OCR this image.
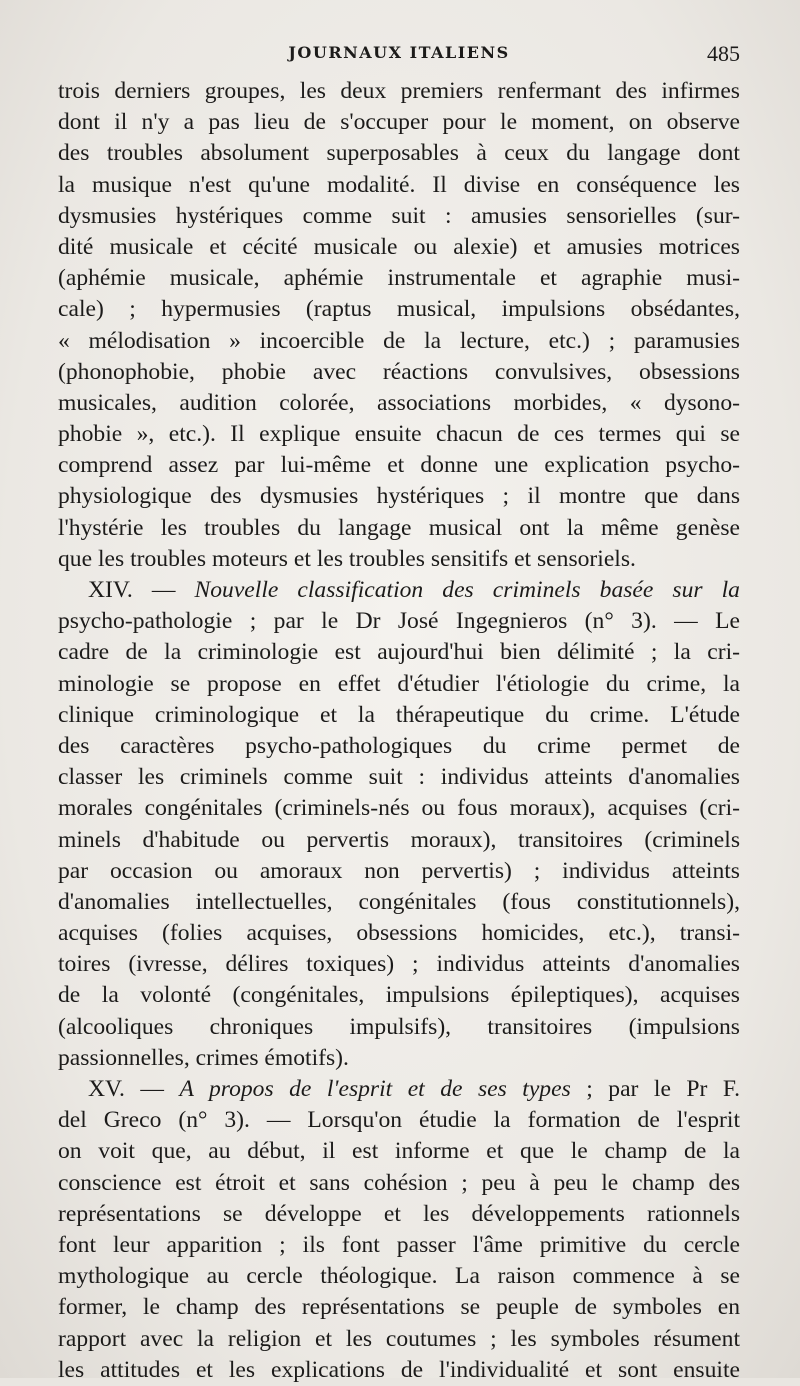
JOURNAUX ITALIENS	485
trois derniers groupes, les deux premiers renfermant des infirmes
dont il n'y a pas lieu de s'occuper pour le moment, on observe
des troubles absolument superposables à ceux du langage dont
la musique n'est qu'une modalité. Il divise en conséquence les
dysmusies hystériques comme suit : amusies sensorielles (sur-
dité musicale et cécité musicale ou alexie) et amusies motrices
(aphémie musicale, aphémie instrumentale et agraphie musi-
cale) ; hypermusies (raptus musical, impulsions obsédantes,
« mélodisation » incoercible de la lecture, etc.) ; paramusies
(phonophobie, phobie avec réactions convulsives, obsessions
musicales, audition colorée, associations morbides, « dysono-
phobie », etc.). Il explique ensuite chacun de ces termes qui se
comprend assez par lui-même et donne une explication psycho-
physiologique des dysmusies hystériques ; il montre que dans
l'hystérie les troubles du langage musical ont la même genèse
que les troubles moteurs et les troubles sensitifs et sensoriels.
XIV. — Nouvelle classification des criminels basée sur la
psycho-pathologie ; par le Dr José Ingegnieros (n° 3). — Le
cadre de la criminologie est aujourd'hui bien délimité ; la cri-
minologie se propose en effet d'étudier l'étiologie du crime, la
clinique criminologique et la thérapeutique du crime. L'étude
des caractères psycho-pathologiques du crime permet de
classer les criminels comme suit : individus atteints d'anomalies
morales congénitales (criminels-nés ou fous moraux), acquises (cri-
minels d'habitude ou pervertis moraux), transitoires (criminels
par occasion ou amoraux non pervertis) ; individus atteints
d'anomalies intellectuelles, congénitales (fous constitutionnels),
acquises (folies acquises, obsessions homicides, etc.), transi-
toires (ivresse, délires toxiques) ; individus atteints d'anomalies
de la volonté (congénitales, impulsions épileptiques), acquises
(alcooliques chroniques impulsifs), transitoires (impulsions
passionnelles, crimes émotifs).
XV. — A propos de l'esprit et de ses types ; par le Pr F.
del Greco (n° 3). — Lorsqu'on étudie la formation de l'esprit
on voit que, au début, il est informe et que le champ de la
conscience est étroit et sans cohésion ; peu à peu le champ des
représentations se développe et les développements rationnels
font leur apparition ; ils font passer l'âme primitive du cercle
mythologique au cercle théologique. La raison commence à se
former, le champ des représentations se peuple de symboles en
rapport avec la religion et les coutumes ; les symboles résument
les attitudes et les explications de l'individualité et sont ensuite
